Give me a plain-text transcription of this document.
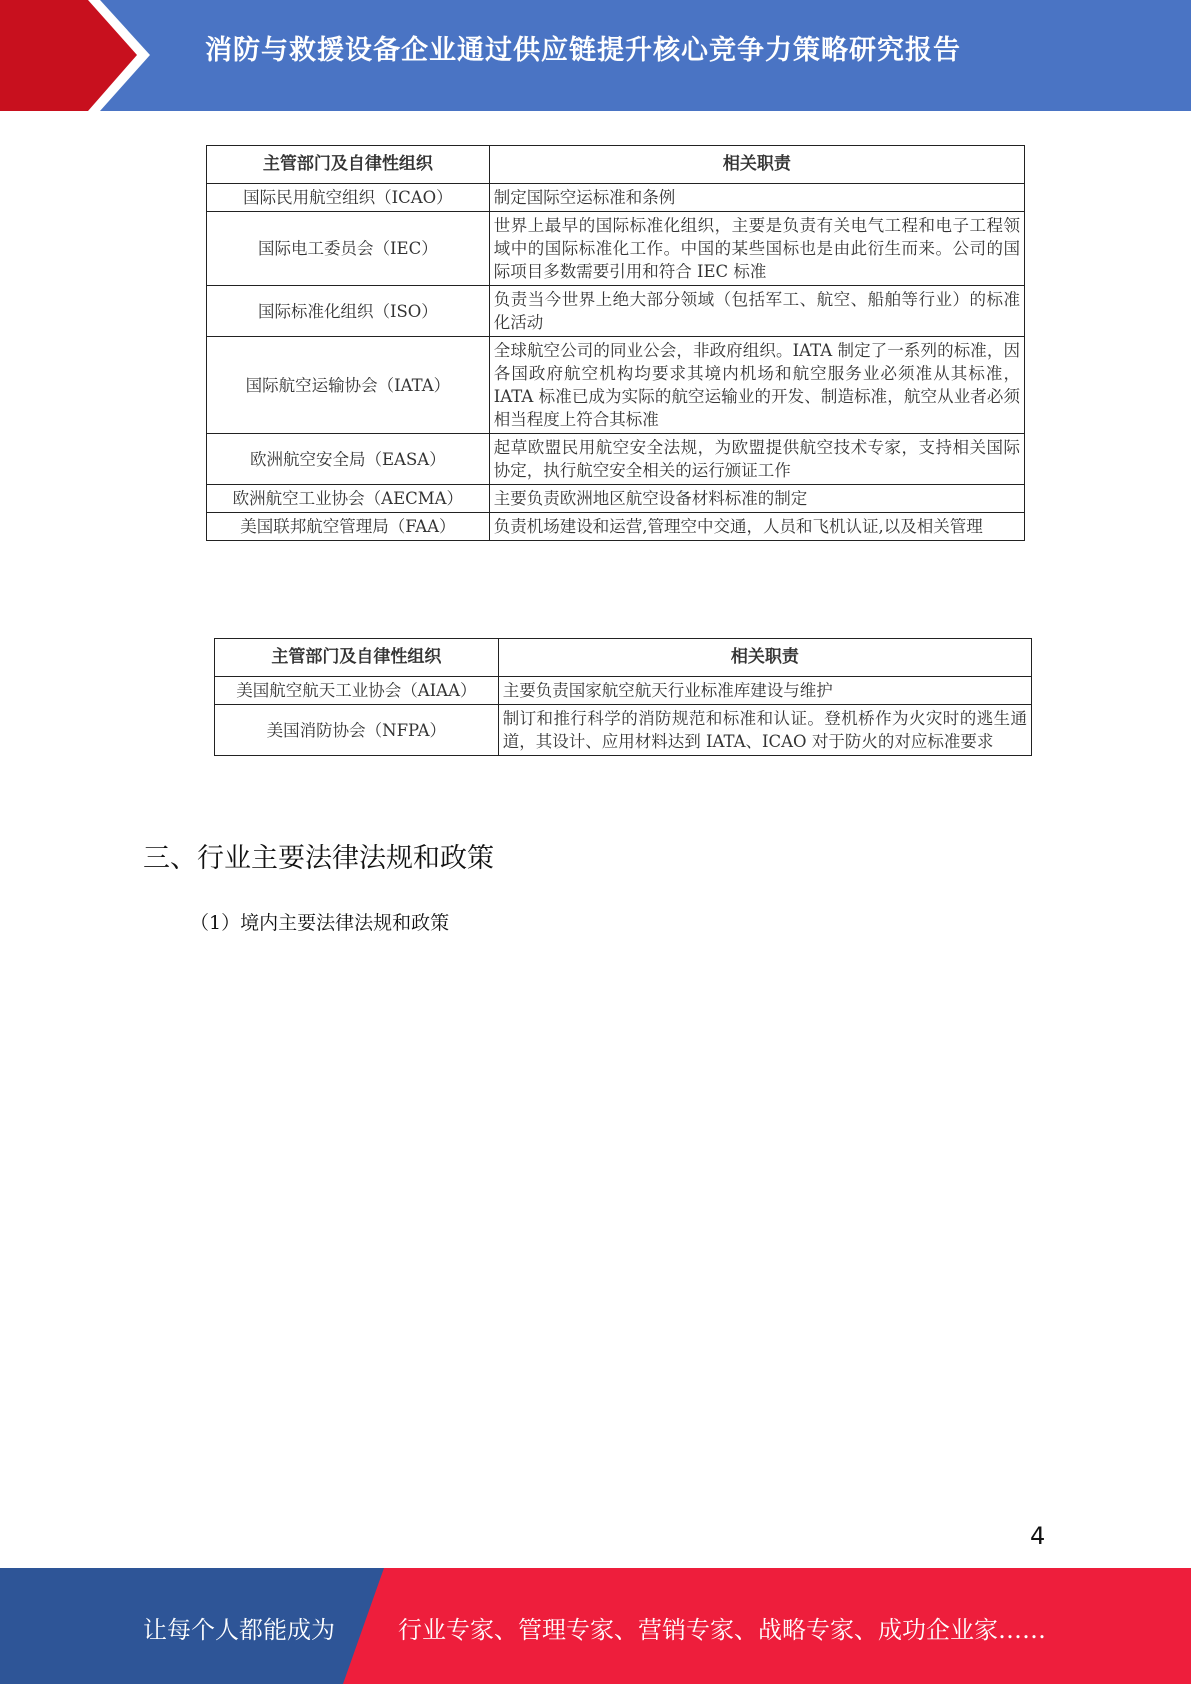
消防与救援设备企业通过供应链提升核心竞争力策略研究报告
主管部门及自律性组织	相关职责
国际民用航空组织（ICAO）	制定国际空运标准和条例
国际电工委员会（IEC）	世界上最早的国际标准化组织，主要是负责有关电气工程和电子工程领域中的国际标准化工作。中国的某些国标也是由此衍生而来。公司的国际项目多数需要引用和符合 IEC 标准
国际标准化组织（ISO）	负责当今世界上绝大部分领域（包括军工、航空、船舶等行业）的标准化活动
国际航空运输协会（IATA）	全球航空公司的同业公会，非政府组织。IATA 制定了一系列的标准，因各国政府航空机构均要求其境内机场和航空服务业必须准从其标准，IATA 标准已成为实际的航空运输业的开发、制造标准，航空从业者必须相当程度上符合其标准
欧洲航空安全局（EASA）	起草欧盟民用航空安全法规，为欧盟提供航空技术专家，支持相关国际协定，执行航空安全相关的运行颁证工作
欧洲航空工业协会（AECMA）	主要负责欧洲地区航空设备材料标准的制定
美国联邦航空管理局（FAA）	负责机场建设和运营,管理空中交通，人员和飞机认证,以及相关管理
主管部门及自律性组织	相关职责
美国航空航天工业协会（AIAA）	主要负责国家航空航天行业标准库建设与维护
美国消防协会（NFPA）	制订和推行科学的消防规范和标准和认证。登机桥作为火灾时的逃生通道，其设计、应用材料达到 IATA、ICAO 对于防火的对应标准要求
三、行业主要法律法规和政策
（1）境内主要法律法规和政策
4
让每个人都能成为	行业专家、管理专家、营销专家、战略专家、成功企业家……
